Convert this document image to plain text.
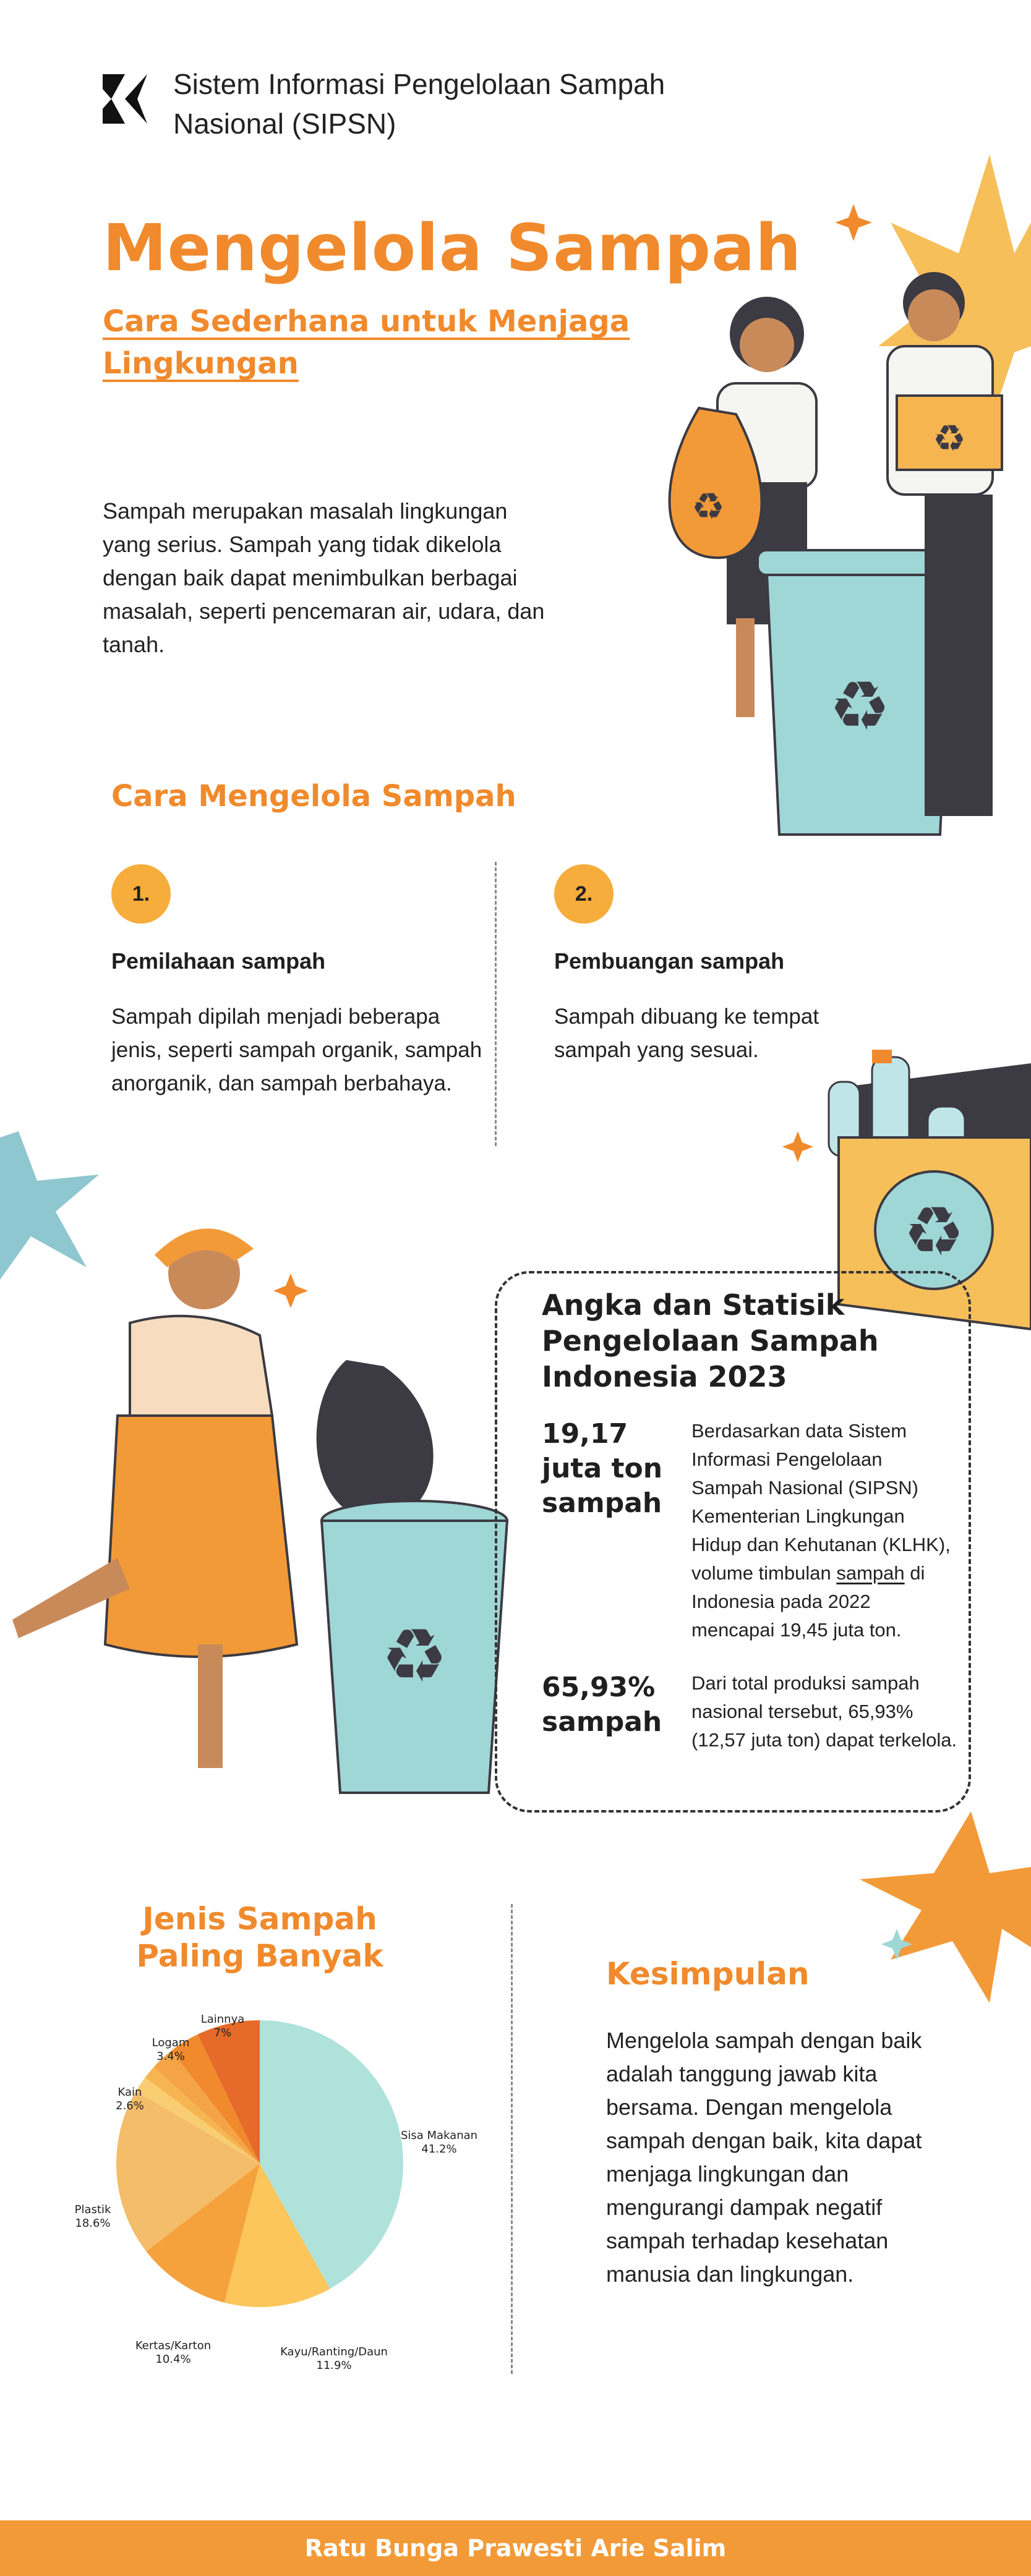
Sistem Informasi Pengelolaan Sampah
Nasional (SIPSN)
Mengelola Sampah
Cara Sederhana untuk Menjaga Lingkungan
Sampah merupakan masalah lingkungan yang serius. Sampah yang tidak dikelola dengan baik dapat menimbulkan berbagai masalah, seperti pencemaran air, udara, dan tanah.
♻
♻
♻
Cara Mengelola Sampah
1.
Pemilahaan sampah
Sampah dipilah menjadi beberapa jenis, seperti sampah organik, sampah anorganik, dan sampah berbahaya.
2.
Pembuangan sampah
Sampah dibuang ke tempat sampah yang sesuai.
♻
♻
Angka dan Statisik Pengelolaan Sampah Indonesia 2023
19,17 juta ton sampah
Berdasarkan data Sistem Informasi Pengelolaan Sampah Nasional (SIPSN) Kementerian Lingkungan Hidup dan Kehutanan (KLHK), volume timbulan sampah di Indonesia pada 2022 mencapai 19,45 juta ton.
65,93% sampah
Dari total produksi sampah nasional tersebut, 65,93% (12,57 juta ton) dapat terkelola.
Jenis Sampah
Paling Banyak
Sisa Makanan 41.2%
Kayu/Ranting/Daun 11.9%
Kertas/Karton 10.4%
Plastik 18.6%
Kain 2.6%
Logam 3.4%
Lainnya 7%
Kesimpulan
Mengelola sampah dengan baik adalah tanggung jawab kita bersama. Dengan mengelola sampah dengan baik, kita dapat menjaga lingkungan dan mengurangi dampak negatif sampah terhadap kesehatan manusia dan lingkungan.
Ratu Bunga Prawesti Arie Salim
